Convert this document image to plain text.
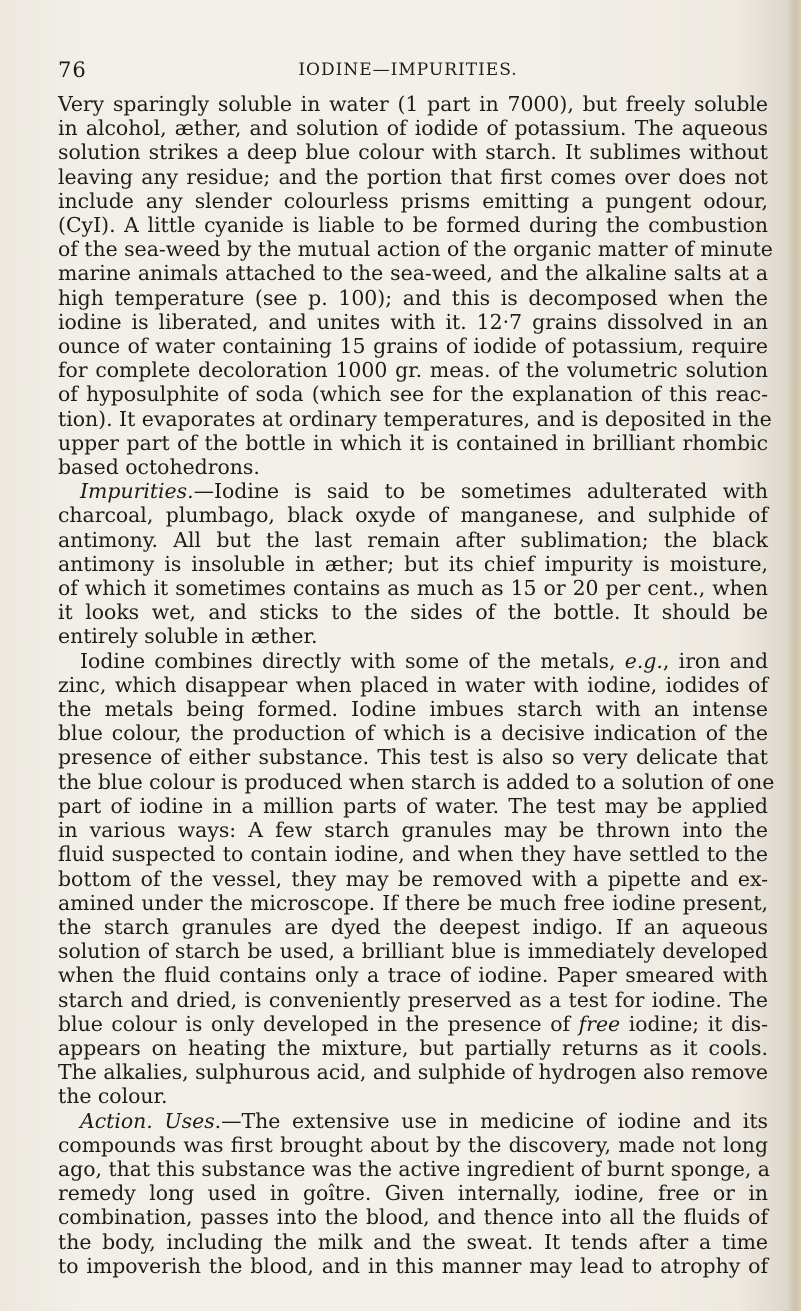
76	IODINE—IMPURITIES.
Very sparingly soluble in water (1 part in 7000), but freely soluble
in alcohol, æther, and solution of iodide of potassium. The aqueous
solution strikes a deep blue colour with starch. It sublimes without
leaving any residue; and the portion that first comes over does not
include any slender colourless prisms emitting a pungent odour,
(CyI). A little cyanide is liable to be formed during the combustion
of the sea-weed by the mutual action of the organic matter of minute
marine animals attached to the sea-weed, and the alkaline salts at a
high temperature (see p. 100); and this is decomposed when the
iodine is liberated, and unites with it. 12·7 grains dissolved in an
ounce of water containing 15 grains of iodide of potassium, require
for complete decoloration 1000 gr. meas. of the volumetric solution
of hyposulphite of soda (which see for the explanation of this reac-
tion). It evaporates at ordinary temperatures, and is deposited in the
upper part of the bottle in which it is contained in brilliant rhombic
based octohedrons.
Impurities.—Iodine is said to be sometimes adulterated with
charcoal, plumbago, black oxyde of manganese, and sulphide of
antimony. All but the last remain after sublimation; the black
antimony is insoluble in æther; but its chief impurity is moisture,
of which it sometimes contains as much as 15 or 20 per cent., when
it looks wet, and sticks to the sides of the bottle. It should be
entirely soluble in æther.
Iodine combines directly with some of the metals, e.g., iron and
zinc, which disappear when placed in water with iodine, iodides of
the metals being formed. Iodine imbues starch with an intense
blue colour, the production of which is a decisive indication of the
presence of either substance. This test is also so very delicate that
the blue colour is produced when starch is added to a solution of one
part of iodine in a million parts of water. The test may be applied
in various ways: A few starch granules may be thrown into the
fluid suspected to contain iodine, and when they have settled to the
bottom of the vessel, they may be removed with a pipette and ex-
amined under the microscope. If there be much free iodine present,
the starch granules are dyed the deepest indigo. If an aqueous
solution of starch be used, a brilliant blue is immediately developed
when the fluid contains only a trace of iodine. Paper smeared with
starch and dried, is conveniently preserved as a test for iodine. The
blue colour is only developed in the presence of free iodine; it dis-
appears on heating the mixture, but partially returns as it cools.
The alkalies, sulphurous acid, and sulphide of hydrogen also remove
the colour.
Action. Uses.—The extensive use in medicine of iodine and its
compounds was first brought about by the discovery, made not long
ago, that this substance was the active ingredient of burnt sponge, a
remedy long used in goître. Given internally, iodine, free or in
combination, passes into the blood, and thence into all the fluids of
the body, including the milk and the sweat. It tends after a time
to impoverish the blood, and in this manner may lead to atrophy of
